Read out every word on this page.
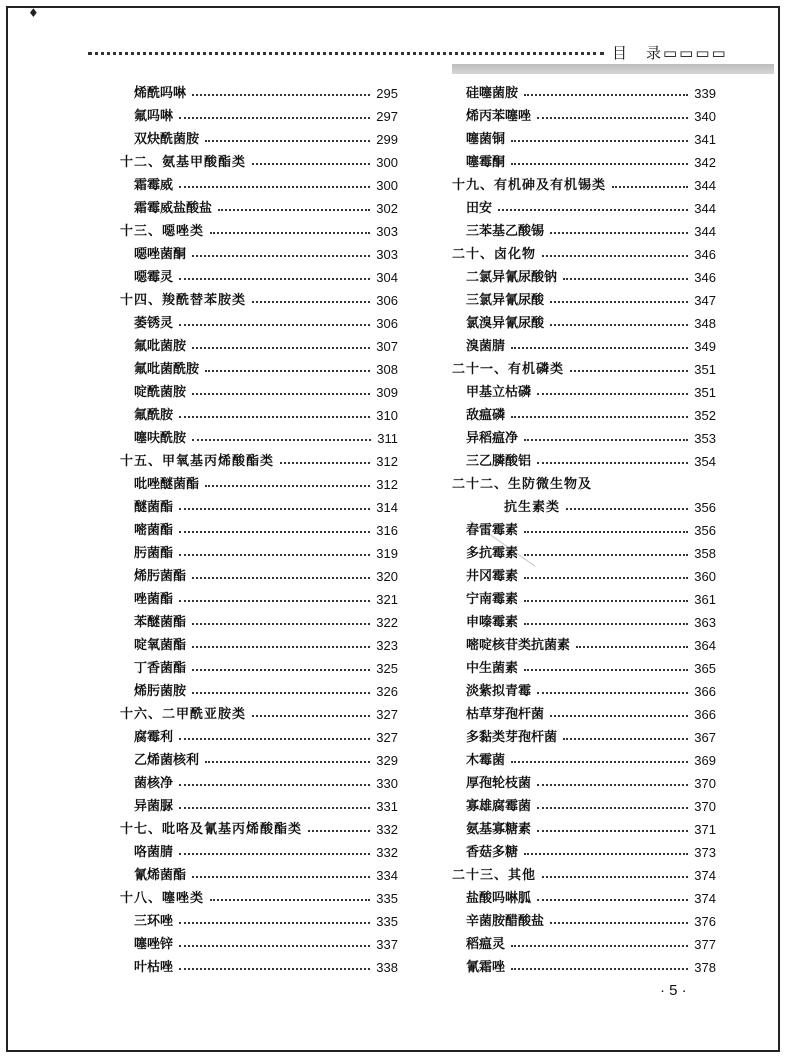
♦
目　录▭▭▭▭
烯酰吗啉	295
氟吗啉	297
双炔酰菌胺	299
十二、氨基甲酸酯类	300
霜霉威	300
霜霉威盐酸盐	302
十三、噁唑类	303
噁唑菌酮	303
噁霉灵	304
十四、羧酰替苯胺类	306
萎锈灵	306
氟吡菌胺	307
氟吡菌酰胺	308
啶酰菌胺	309
氟酰胺	310
噻呋酰胺	311
十五、甲氧基丙烯酸酯类	312
吡唑醚菌酯	312
醚菌酯	314
嘧菌酯	316
肟菌酯	319
烯肟菌酯	320
唑菌酯	321
苯醚菌酯	322
啶氧菌酯	323
丁香菌酯	325
烯肟菌胺	326
十六、二甲酰亚胺类	327
腐霉利	327
乙烯菌核利	329
菌核净	330
异菌脲	331
十七、吡咯及氰基丙烯酸酯类	332
咯菌腈	332
氰烯菌酯	334
十八、噻唑类	335
三环唑	335
噻唑锌	337
叶枯唑	338
硅噻菌胺	339
烯丙苯噻唑	340
噻菌铜	341
噻霉酮	342
十九、有机砷及有机锡类	344
田安	344
三苯基乙酸锡	344
二十、卤化物	346
二氯异氰尿酸钠	346
三氯异氰尿酸	347
氯溴异氰尿酸	348
溴菌腈	349
二十一、有机磷类	351
甲基立枯磷	351
敌瘟磷	352
异稻瘟净	353
三乙膦酸铝	354
二十二、生防微生物及
抗生素类	356
春雷霉素	356
多抗霉素	358
井冈霉素	360
宁南霉素	361
申嗪霉素	363
嘧啶核苷类抗菌素	364
中生菌素	365
淡紫拟青霉	366
枯草芽孢杆菌	366
多黏类芽孢杆菌	367
木霉菌	369
厚孢轮枝菌	370
寡雄腐霉菌	370
氨基寡糖素	371
香菇多糖	373
二十三、其他	374
盐酸吗啉胍	374
辛菌胺醋酸盐	376
稻瘟灵	377
氰霜唑	378
· 5 ·
